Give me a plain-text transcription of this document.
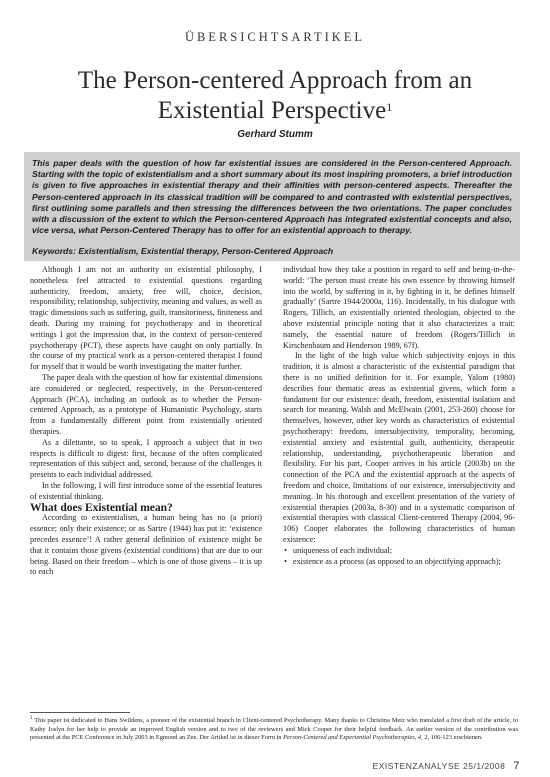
ÜBERSICHTSARTIKEL
The Person-centered Approach from an
Existential Perspective$^1$
Gerhard Stumm

This paper deals with the question of how far existential issues are considered in the Person-centered Approach. Starting with the topic of existentialism and a short summary about its most inspiring promoters, a brief introduction is given to five approaches in existential therapy and their affinities with person-centered aspects. Thereafter the Person-centered approach in its classical tradition will be compared to and contrasted with existential perspectives, first outlining some parallels and then stressing the differences between the two orientations. The paper concludes with a discussion of the extent to which the Person-centered Approach has integrated existential concepts and also, vice versa, what Person-Centered Therapy has to offer for an existential approach to therapy.

Keywords: Existentialism, Existential therapy, Person-Centered Approach

Although I am not an authority on existential philosophy, I nonetheless feel attracted to existential questions regarding authenticity, freedom, anxiety, free will, choice, decision, responsibility, relationship, subjectivity, meaning and values, as well as tragic dimensions such as suffering, guilt, transitoriness, finiteness and death. During my training for psychotherapy and in theoretical writings I got the impression that, in the context of person-centered psychotherapy (PCT), these aspects have caught on only partially. In the course of my practical work as a person-centered therapist I found for myself that it would be worth investigating the matter further.

The paper deals with the question of how far existential dimensions are considered or neglected, respectively, in the Person-centered Approach (PCA), including an outlook as to whether the Person-centered Approach, as a prototype of Humanistic Psychology, starts from a fundamentally different point from existentially oriented therapies.

As a dilettante, so to speak, I approach a subject that in two respects is difficult to digest: first, because of the often complicated representation of this subject and, second, because of the challenges it presents to each individual addressed.

In the following, I will first introduce some of the essential features of existential thinking.

What does Existential mean?

According to existentialism, a human being has no (a priori) essence; only their existence; or as Sartre (1944) has put it: ‘existence precedes essence’! A rather general definition of existence might be that it contains those givens (existential conditions) that are due to our being. Based on their freedom – which is one of those givens – it is up to each

individual how they take a position in regard to self and being-in-the-world: ‘The person must create his own essence by throwing himself into the world, by suffering in it, by fighting in it, he defines himself gradually’ (Sartre 1944/2000a, 116). Incidentally, in his dialogue with Rogers, Tillich, an existentially oriented theologian, objected to the above existential principle noting that it also characterizes a trait: namely, the essential nature of freedom (Rogers/Tillich in Kirschenbaum and Henderson 1989, 67f).

In the light of the high value which subjectivity enjoys in this tradition, it is almost a characteristic of the existential paradigm that there is no unified definition for it. For example, Yalom (1980) describes four thematic areas as existential givens, which form a fundament for our existence: death, freedom, existential isolation and search for meaning. Walsh and McElwain (2001, 253-260) choose for themselves, however, other key words as characteristics of existential psychotherapy: freedom, intersubjectivity, temporality, becoming, existential anxiety and existential guilt, authenticity, therapeutic relationship, understanding, psychotherapeutic liberation and flexibility. For his part, Cooper arrives in his article (2003b) on the connection of the PCA and the existential approach at the aspects of freedom and choice, limitations of our existence, intersubjectivity and meaning. In his thorough and excellent presentation of the variety of existential therapies (2003a, 8-30) and in a systematic comparison of existential therapies with classical Client-centered Therapy (2004, 96-106) Cooper elaborates the following characteristics of human existence:

• uniqueness of each individual;

• existence as a process (as opposed to an objectifying approach);

$^1$ This paper ist dedicated to Hans Swildens, a pioneer of the existential branch in Client-centered Psychotherapy. Many thanks to Christina Metz who translated a first draft of the article, to Kathy Joslyn for her help to provide an improved English version and to two of the reviewers and Mick Cooper for their helpful feedback. An earlier version of the contribution was presented at the PCE Conference in July 2003 in Egmond an Zee. Der Artikel ist in dieser Form in Person-Centered and Experiential Psychotherapies, 4, 2, 106-123 erschienen.
EXISTENZANALYSE 25/1/2008 7
